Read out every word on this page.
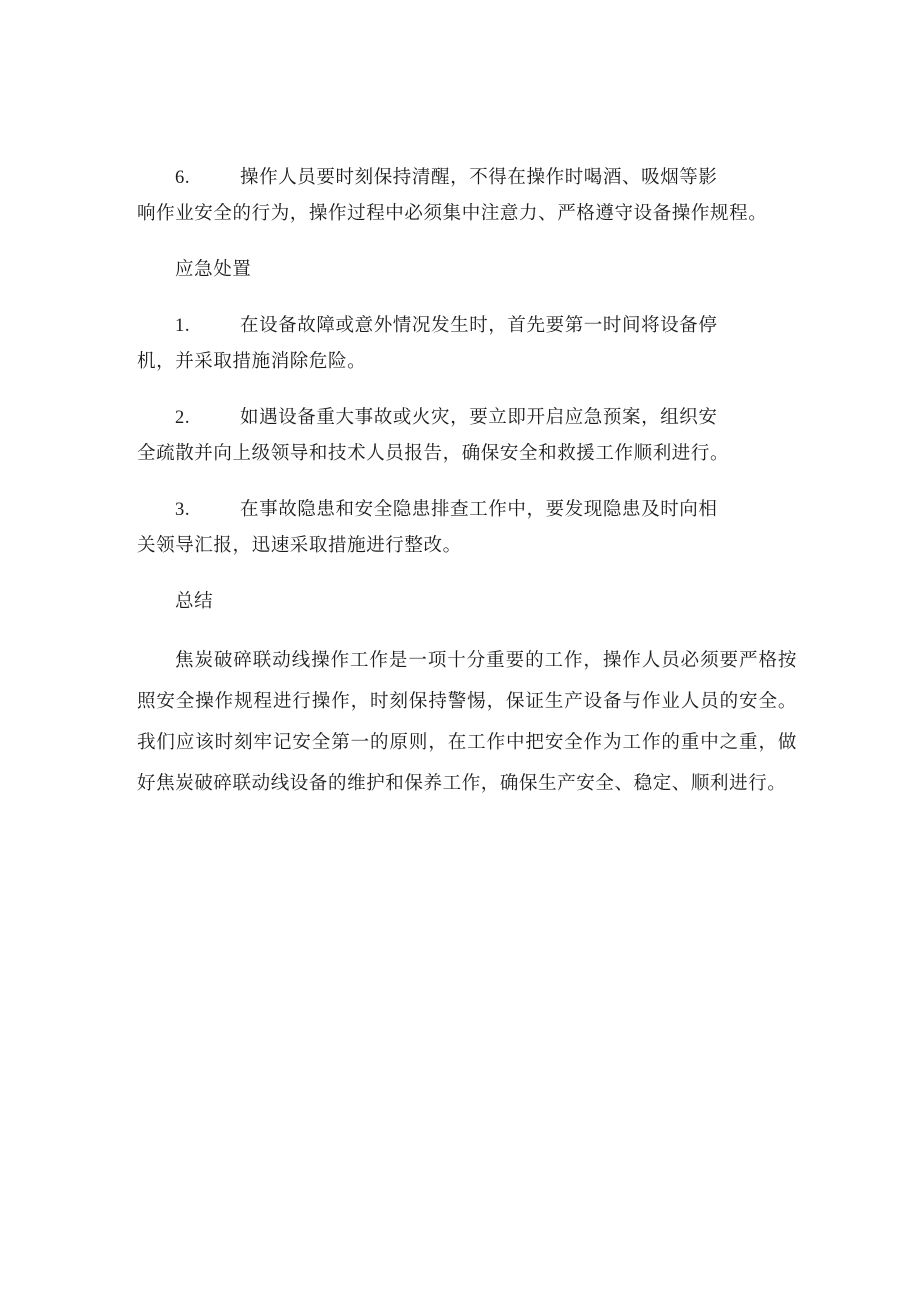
6.	操作人员要时刻保持清醒，不得在操作时喝酒、吸烟等影
响作业安全的行为，操作过程中必须集中注意力、严格遵守设备操作规程。
应急处置
1.	在设备故障或意外情况发生时，首先要第一时间将设备停
机，并采取措施消除危险。
2.	如遇设备重大事故或火灾，要立即开启应急预案，组织安
全疏散并向上级领导和技术人员报告，确保安全和救援工作顺利进行。
3.	在事故隐患和安全隐患排查工作中，要发现隐患及时向相
关领导汇报，迅速采取措施进行整改。
总结

焦炭破碎联动线操作工作是一项十分重要的工作，操作人员必须要严格按照安全操作规程进行操作，时刻保持警惕，保证生产设备与作业人员的安全。我们应该时刻牢记安全第一的原则，在工作中把安全作为工作的重中之重，做好焦炭破碎联动线设备的维护和保养工作，确保生产安全、稳定、顺利进行。
